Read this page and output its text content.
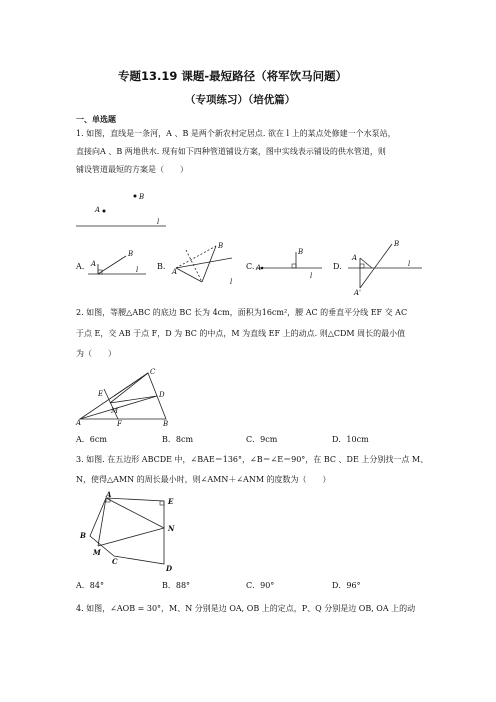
专题13.19 课题-最短路径（将军饮马问题）
（专项练习）（培优篇）
一、单选题
1. 如图，直线是一条河，A 、B 是两个新农村定居点. 欲在 l 上的某点处修建一个水泵站，
直接向A 、B 两地供水. 现有如下四种管道铺设方案，图中实线表示铺设的供水管道，则
铺设管道最短的方案是（　　）
B
A
l
A. A
B
l B.
A
B
l
C. A
B
l
D.
A
B
l
A'
2. 如图，等腰△ABC 的底边 BC 长为 4cm，面积为16cm²，腰 AC 的垂直平分线 EF 交 AC
于点 E，交 AB 于点 F，D 为 BC 的中点，M 为直线 EF 上的动点. 则△CDM 周长的最小值
为（　　）
C
E	D
M
A	F	B
A．6cm	B．8cm	C．9cm	D．10cm
3. 如图. 在五边形 ABCDE 中，∠BAE＝136°，∠B＝∠E＝90°，在 BC 、DE 上分别找一点 M、
N，使得△AMN 的周长最小时，则∠AMN＋∠ANM 的度数为（　　）
A
E
B
N
M
C
D
A．84°	B．88°	C．90°	D．96°
4. 如图，∠AOB = 30°，M、N 分别是边 OA, OB 上的定点，P、Q 分别是边 OB, OA 上的动
